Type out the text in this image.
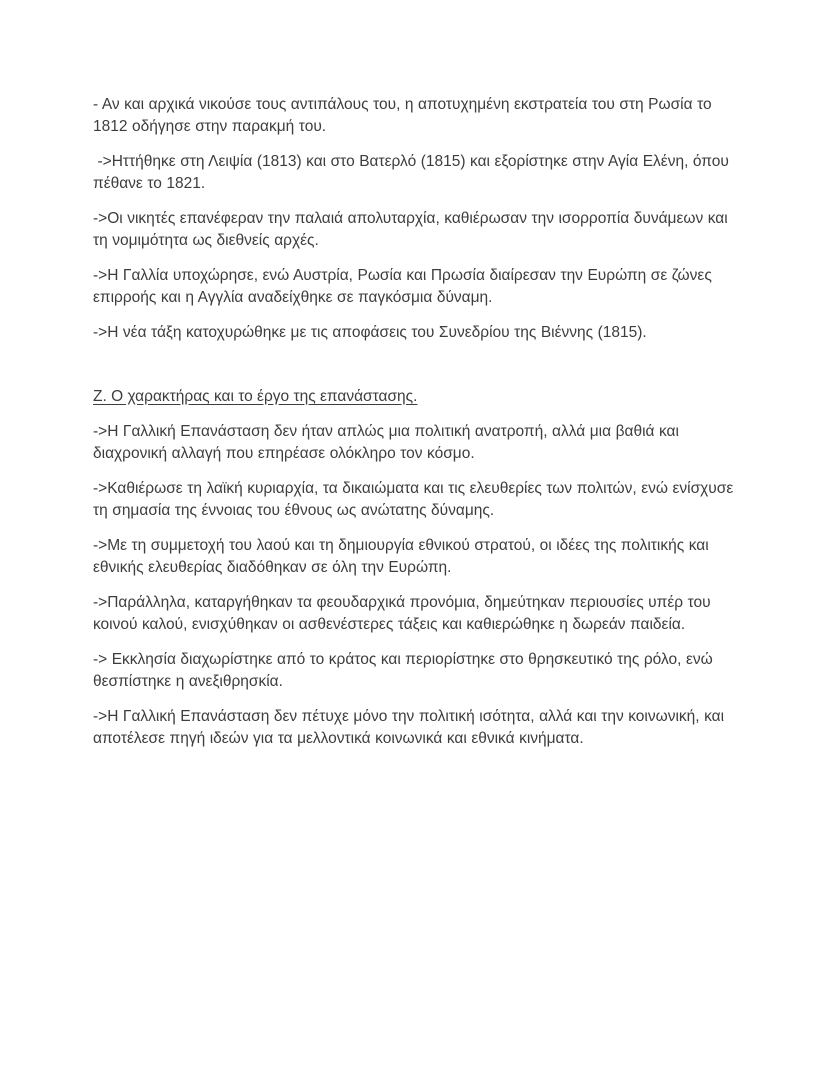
- Αν και αρχικά νικούσε τους αντιπάλους του, η αποτυχημένη εκστρατεία του στη Ρωσία το 1812 οδήγησε στην παρακμή του.

->Ηττήθηκε στη Λειψία (1813) και στο Βατερλό (1815) και εξορίστηκε στην Αγία Ελένη, όπου πέθανε το 1821.

->Οι νικητές επανέφεραν την παλαιά απολυταρχία, καθιέρωσαν την ισορροπία δυνάμεων και τη νομιμότητα ως διεθνείς αρχές.

->Η Γαλλία υποχώρησε, ενώ Αυστρία, Ρωσία και Πρωσία διαίρεσαν την Ευρώπη σε ζώνες επιρροής και η Αγγλία αναδείχθηκε σε παγκόσμια δύναμη.

->Η νέα τάξη κατοχυρώθηκε με τις αποφάσεις του Συνεδρίου της Βιέννης (1815).

Ζ. Ο χαρακτήρας και το έργο της επανάστασης.

->Η Γαλλική Επανάσταση δεν ήταν απλώς μια πολιτική ανατροπή, αλλά μια βαθιά και διαχρονική αλλαγή που επηρέασε ολόκληρο τον κόσμο.

->Καθιέρωσε τη λαϊκή κυριαρχία, τα δικαιώματα και τις ελευθερίες των πολιτών, ενώ ενίσχυσε τη σημασία της έννοιας του έθνους ως ανώτατης δύναμης.

->Με τη συμμετοχή του λαού και τη δημιουργία εθνικού στρατού, οι ιδέες της πολιτικής και εθνικής ελευθερίας διαδόθηκαν σε όλη την Ευρώπη.

->Παράλληλα, καταργήθηκαν τα φεουδαρχικά προνόμια, δημεύτηκαν περιουσίες υπέρ του κοινού καλού, ενισχύθηκαν οι ασθενέστερες τάξεις και καθιερώθηκε η δωρεάν παιδεία.

-> Εκκλησία διαχωρίστηκε από το κράτος και περιορίστηκε στο θρησκευτικό της ρόλο, ενώ θεσπίστηκε η ανεξιθρησκία.

->Η Γαλλική Επανάσταση δεν πέτυχε μόνο την πολιτική ισότητα, αλλά και την κοινωνική, και αποτέλεσε πηγή ιδεών για τα μελλοντικά κοινωνικά και εθνικά κινήματα.
